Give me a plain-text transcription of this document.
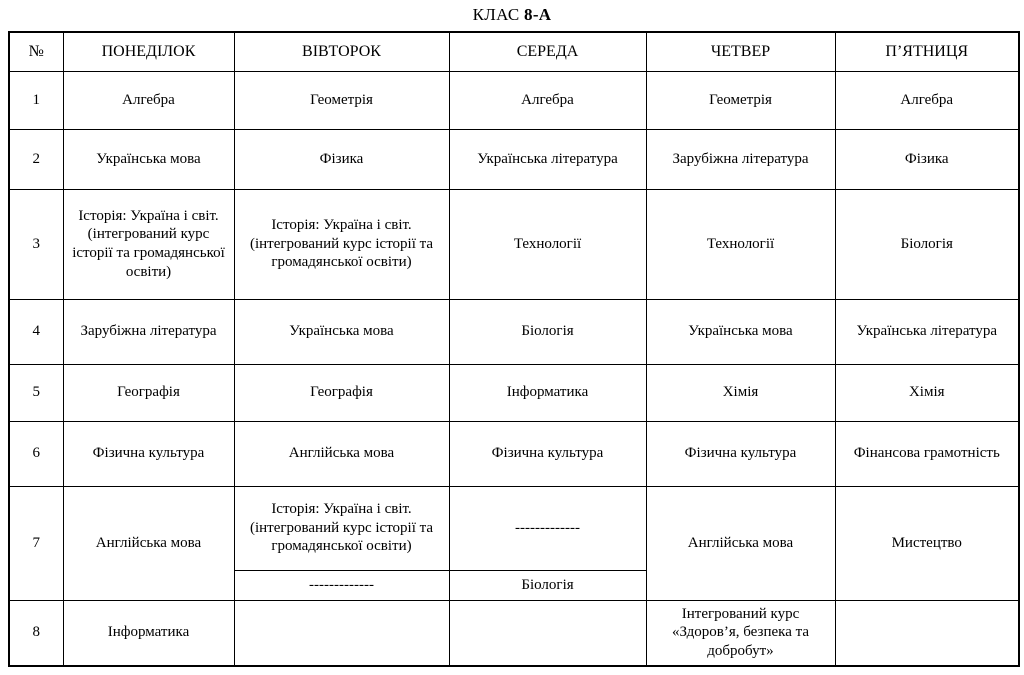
КЛАС 8-А
№	ПОНЕДІЛОК	ВІВТОРОК	СЕРЕДА	ЧЕТВЕР	П’ЯТНИЦЯ
1	Алгебра	Геометрія	Алгебра	Геометрія	Алгебра
2	Українська мова	Фізика	Українська література	Зарубіжна література	Фізика
3	Історія: Україна і світ. (інтегрований курс історії та громадянської освіти)	Історія: Україна і світ. (інтегрований курс історії та громадянської освіти)	Технології	Технології	Біологія
4	Зарубіжна література	Українська мова	Біологія	Українська мова	Українська література
5	Географія	Географія	Інформатика	Хімія	Хімія
6	Фізична культура	Англійська мова	Фізична культура	Фізична культура	Фінансова грамотність
7	Англійська мова	Історія: Україна і світ. (інтегрований курс історії та громадянської освіти)	-------------	Англійська мова	Мистецтво
		-------------	Біологія		
8	Інформатика			Інтегрований курс «Здоров’я, безпека та добробут»	
